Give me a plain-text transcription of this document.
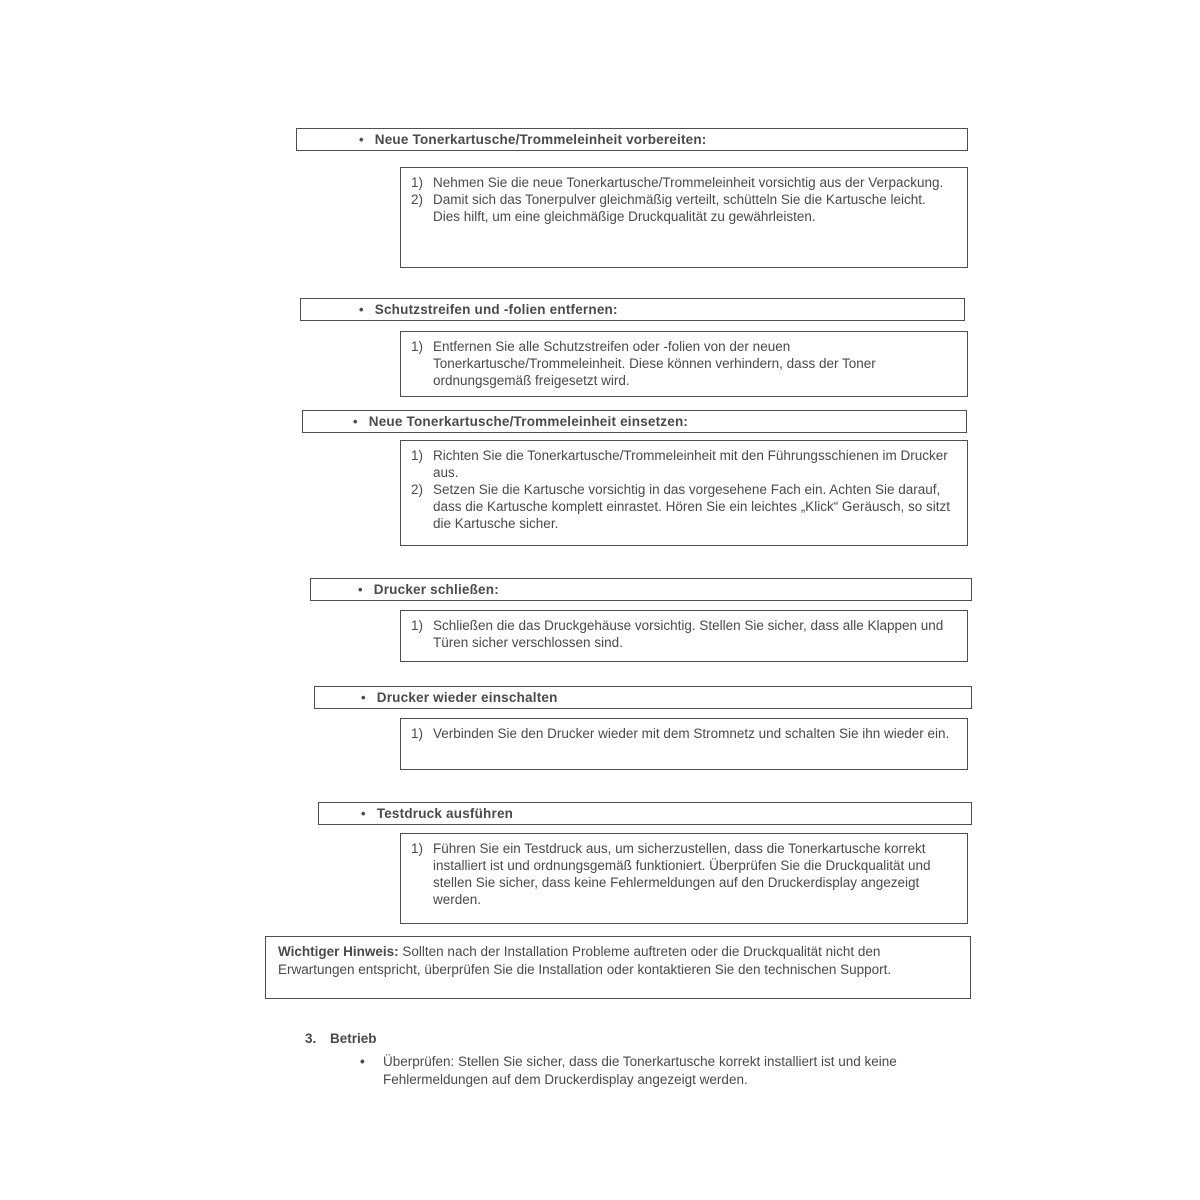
• Neue Tonerkartusche/Trommeleinheit vorbereiten:
1) Nehmen Sie die neue Tonerkartusche/Trommeleinheit vorsichtig aus der Verpackung.
2) Damit sich das Tonerpulver gleichmäßig verteilt, schütteln Sie die Kartusche leicht. Dies hilft, um eine gleichmäßige Druckqualität zu gewährleisten.
• Schutzstreifen und -folien entfernen:
1) Entfernen Sie alle Schutzstreifen oder -folien von der neuen Tonerkartusche/Trommeleinheit. Diese können verhindern, dass der Toner ordnungsgemäß freigesetzt wird.
• Neue Tonerkartusche/Trommeleinheit einsetzen:
1) Richten Sie die Tonerkartusche/Trommeleinheit mit den Führungsschienen im Drucker aus.
2) Setzen Sie die Kartusche vorsichtig in das vorgesehene Fach ein. Achten Sie darauf, dass die Kartusche komplett einrastet. Hören Sie ein leichtes „Klick“ Geräusch, so sitzt die Kartusche sicher.
• Drucker schließen:
1) Schließen die das Druckgehäuse vorsichtig. Stellen Sie sicher, dass alle Klappen und Türen sicher verschlossen sind.
• Drucker wieder einschalten
1) Verbinden Sie den Drucker wieder mit dem Stromnetz und schalten Sie ihn wieder ein.
• Testdruck ausführen
1) Führen Sie ein Testdruck aus, um sicherzustellen, dass die Tonerkartusche korrekt installiert ist und ordnungsgemäß funktioniert. Überprüfen Sie die Druckqualität und stellen Sie sicher, dass keine Fehlermeldungen auf den Druckerdisplay angezeigt werden.
Wichtiger Hinweis: Sollten nach der Installation Probleme auftreten oder die Druckqualität nicht den Erwartungen entspricht, überprüfen Sie die Installation oder kontaktieren Sie den technischen Support.
3.	Betrieb
•	Überprüfen: Stellen Sie sicher, dass die Tonerkartusche korrekt installiert ist und keine Fehlermeldungen auf dem Druckerdisplay angezeigt werden.
